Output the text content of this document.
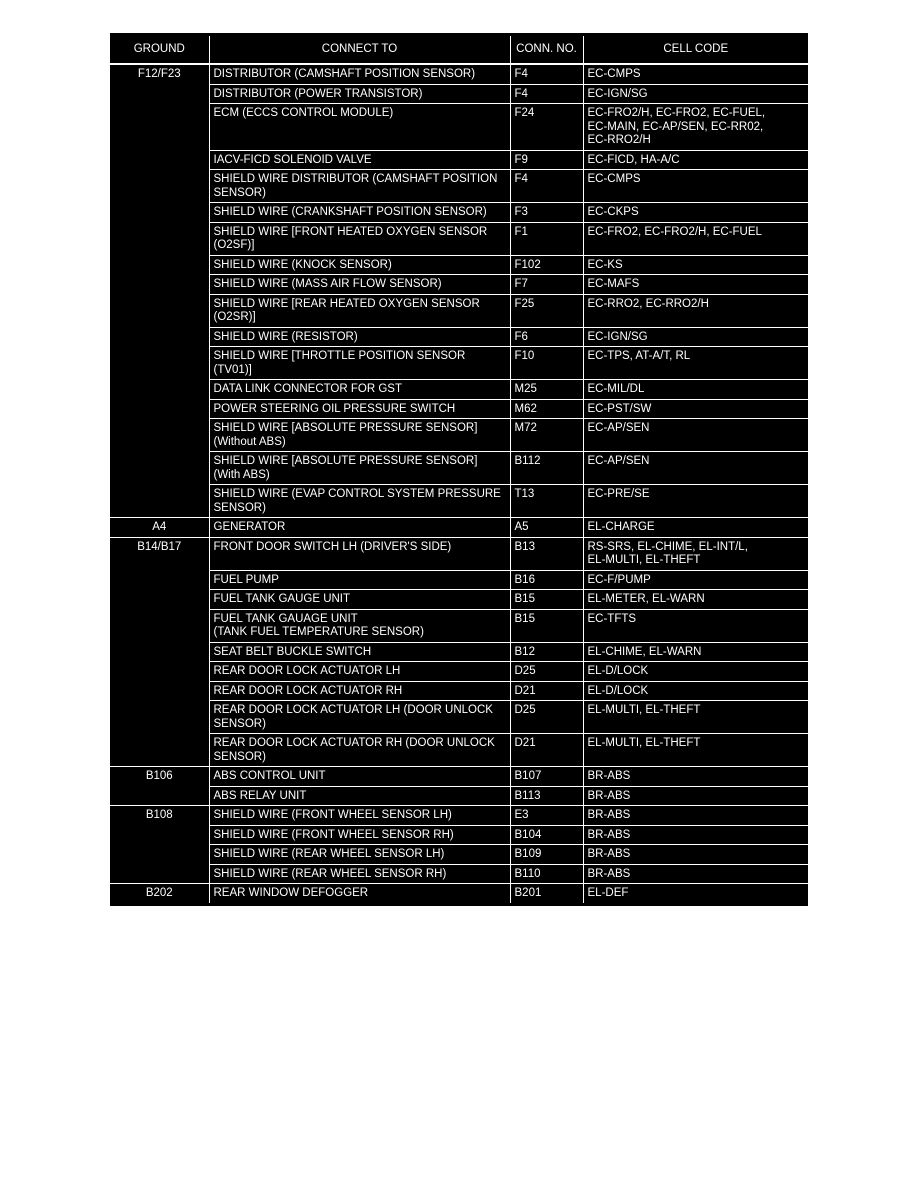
GROUND	CONNECT TO	CONN. NO.	CELL CODE
F12/F23	DISTRIBUTOR (CAMSHAFT POSITION SENSOR)	F4	EC-CMPS
	DISTRIBUTOR (POWER TRANSISTOR)	F4	EC-IGN/SG
	ECM (ECCS CONTROL MODULE)	F24	EC-FRO2/H, EC-FRO2, EC-FUEL,
EC-MAIN, EC-AP/SEN, EC-RR02,
EC-RRO2/H
	IACV-FICD SOLENOID VALVE	F9	EC-FICD, HA-A/C
	SHIELD WIRE DISTRIBUTOR (CAMSHAFT POSITION
SENSOR)	F4	EC-CMPS
	SHIELD WIRE (CRANKSHAFT POSITION SENSOR)	F3	EC-CKPS
	SHIELD WIRE [FRONT HEATED OXYGEN SENSOR
(O2SF)]	F1	EC-FRO2, EC-FRO2/H, EC-FUEL
	SHIELD WIRE (KNOCK SENSOR)	F102	EC-KS
	SHIELD WIRE (MASS AIR FLOW SENSOR)	F7	EC-MAFS
	SHIELD WIRE [REAR HEATED OXYGEN SENSOR
(O2SR)]	F25	EC-RRO2, EC-RRO2/H
	SHIELD WIRE (RESISTOR)	F6	EC-IGN/SG
	SHIELD WIRE [THROTTLE POSITION SENSOR (TV01)]	F10	EC-TPS, AT-A/T, RL
	DATA LINK CONNECTOR FOR GST	M25	EC-MIL/DL
	POWER STEERING OIL PRESSURE SWITCH	M62	EC-PST/SW
	SHIELD WIRE [ABSOLUTE PRESSURE SENSOR]
(Without ABS)	M72	EC-AP/SEN
	SHIELD WIRE [ABSOLUTE PRESSURE SENSOR]
(With ABS)	B112	EC-AP/SEN
	SHIELD WIRE (EVAP CONTROL SYSTEM PRESSURE
SENSOR)	T13	EC-PRE/SE
A4	GENERATOR	A5	EL-CHARGE
B14/B17	FRONT DOOR SWITCH LH (DRIVER'S SIDE)	B13	RS-SRS, EL-CHIME, EL-INT/L,
EL-MULTI, EL-THEFT
	FUEL PUMP	B16	EC-F/PUMP
	FUEL TANK GAUGE UNIT	B15	EL-METER, EL-WARN
	FUEL TANK GAUAGE UNIT
(TANK FUEL TEMPERATURE SENSOR)	B15	EC-TFTS
	SEAT BELT BUCKLE SWITCH	B12	EL-CHIME, EL-WARN
	REAR DOOR LOCK ACTUATOR LH	D25	EL-D/LOCK
	REAR DOOR LOCK ACTUATOR RH	D21	EL-D/LOCK
	REAR DOOR LOCK ACTUATOR LH (DOOR UNLOCK
SENSOR)	D25	EL-MULTI, EL-THEFT
	REAR DOOR LOCK ACTUATOR RH (DOOR UNLOCK
SENSOR)	D21	EL-MULTI, EL-THEFT
B106	ABS CONTROL UNIT	B107	BR-ABS
	ABS RELAY UNIT	B113	BR-ABS
B108	SHIELD WIRE (FRONT WHEEL SENSOR LH)	E3	BR-ABS
	SHIELD WIRE (FRONT WHEEL SENSOR RH)	B104	BR-ABS
	SHIELD WIRE (REAR WHEEL SENSOR LH)	B109	BR-ABS
	SHIELD WIRE (REAR WHEEL SENSOR RH)	B110	BR-ABS
B202	REAR WINDOW DEFOGGER	B201	EL-DEF
